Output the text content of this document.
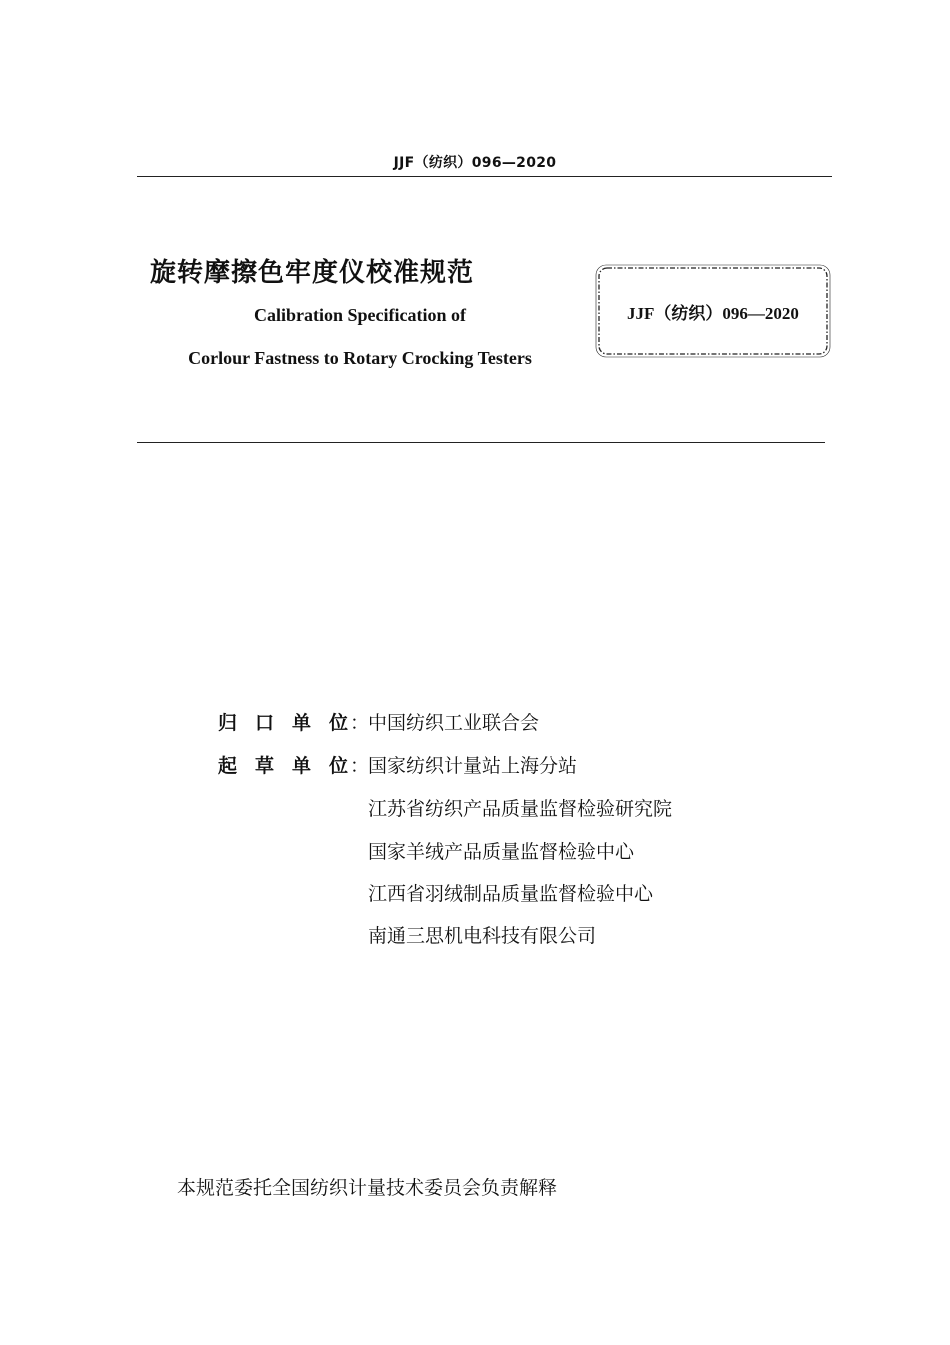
JJF（纺织）096—2020
旋转摩擦色牢度仪校准规范
Calibration Specification of
Corlour Fastness to Rotary Crocking Testers
JJF（纺织）096—2020
归 口 单 位 ：
中国纺织工业联合会
起 草 单 位 ：
国家纺织计量站上海分站
江苏省纺织产品质量监督检验研究院
国家羊绒产品质量监督检验中心
江西省羽绒制品质量监督检验中心
南通三思机电科技有限公司
本规范委托全国纺织计量技术委员会负责解释
